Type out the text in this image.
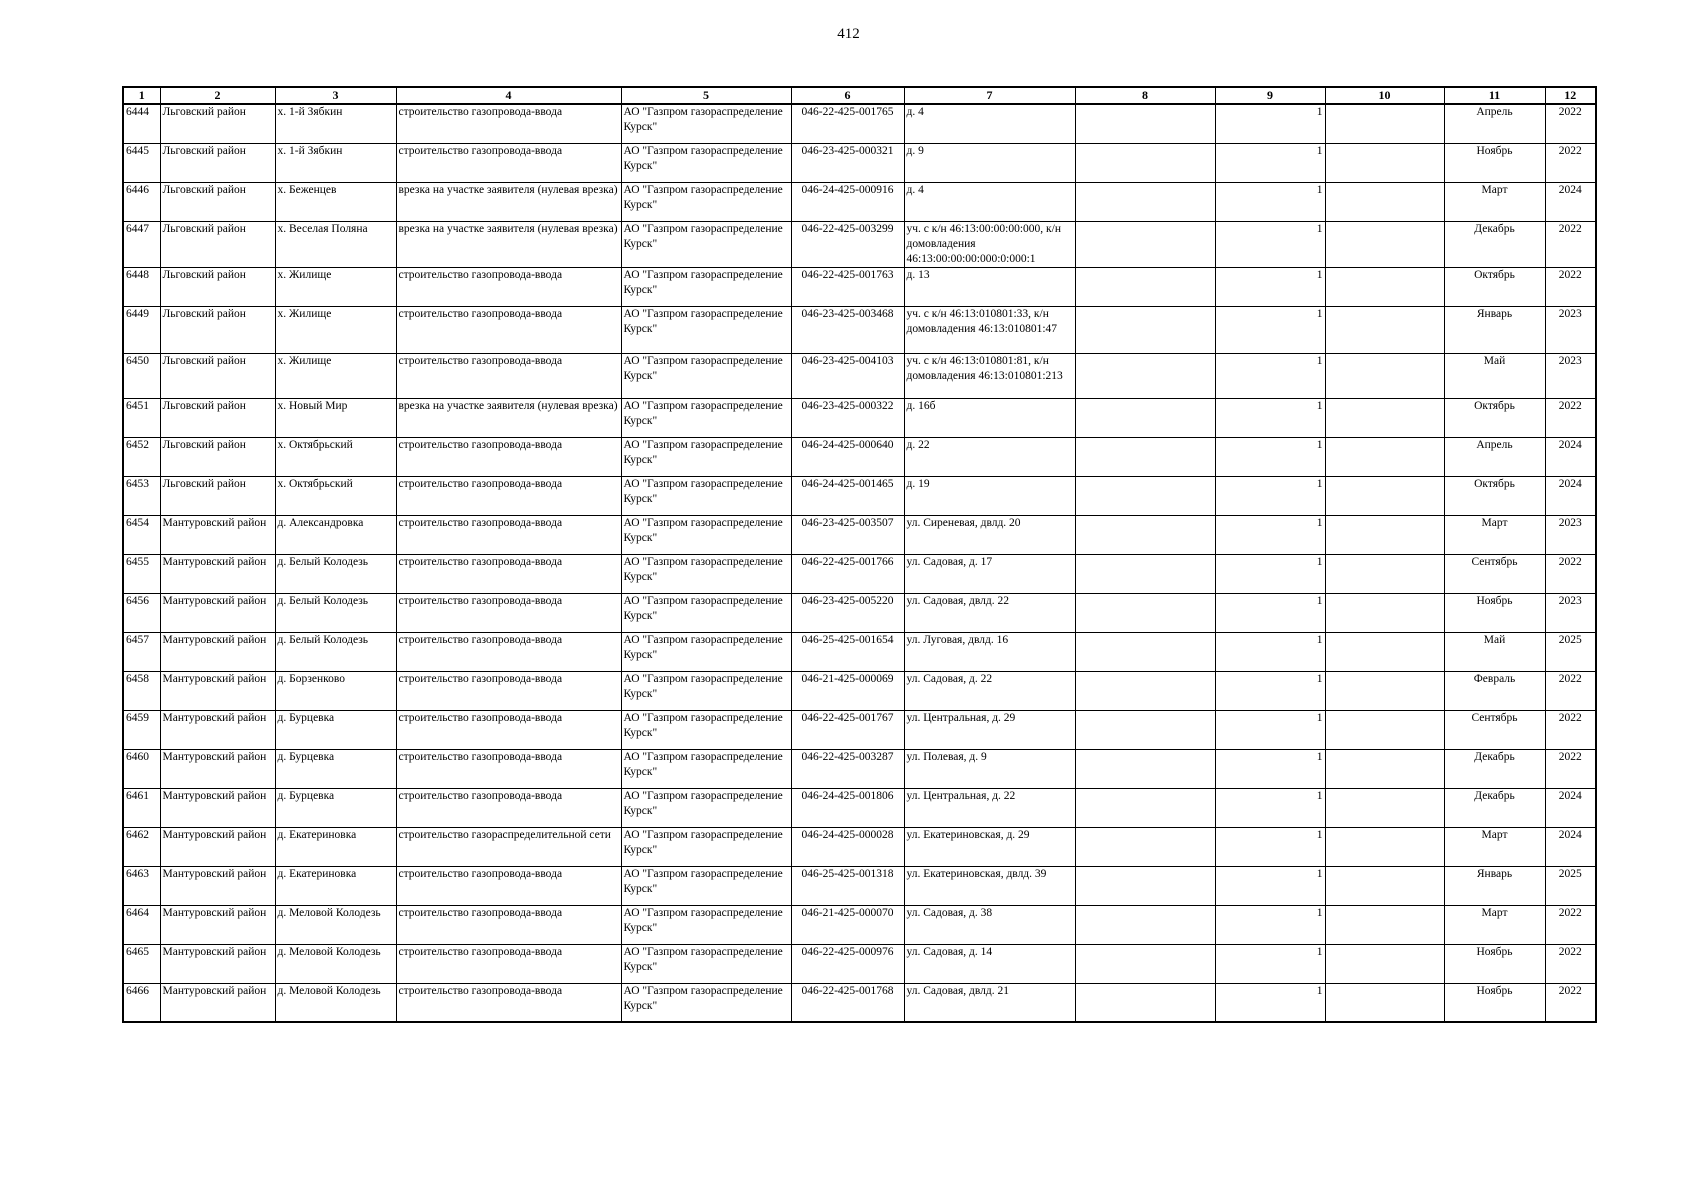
412
1	2	3	4	5	6	7	8	9	10	11	12
6444	Льговский район	х. 1-й Зябкин	строительство газопровода-ввода	АО "Газпром газораспределение Курск"	046-22-425-001765	д. 4		1		Апрель	2022
6445	Льговский район	х. 1-й Зябкин	строительство газопровода-ввода	АО "Газпром газораспределение Курск"	046-23-425-000321	д. 9		1		Ноябрь	2022
6446	Льговский район	х. Беженцев	врезка на участке заявителя (нулевая врезка)	АО "Газпром газораспределение Курск"	046-24-425-000916	д. 4		1		Март	2024
6447	Льговский район	х. Веселая Поляна	врезка на участке заявителя (нулевая врезка)	АО "Газпром газораспределение Курск"	046-22-425-003299	уч. с к/н 46:13:00:00:00:000, к/н домовладения 46:13:00:00:00:000:0:000:1		1		Декабрь	2022
6448	Льговский район	х. Жилище	строительство газопровода-ввода	АО "Газпром газораспределение Курск"	046-22-425-001763	д. 13		1		Октябрь	2022
6449	Льговский район	х. Жилище	строительство газопровода-ввода	АО "Газпром газораспределение Курск"	046-23-425-003468	уч. с к/н 46:13:010801:33, к/н домовладения 46:13:010801:47		1		Январь	2023
6450	Льговский район	х. Жилище	строительство газопровода-ввода	АО "Газпром газораспределение Курск"	046-23-425-004103	уч. с к/н 46:13:010801:81, к/н домовладения 46:13:010801:213		1		Май	2023
6451	Льговский район	х. Новый Мир	врезка на участке заявителя (нулевая врезка)	АО "Газпром газораспределение Курск"	046-23-425-000322	д. 16б		1		Октябрь	2022
6452	Льговский район	х. Октябрьский	строительство газопровода-ввода	АО "Газпром газораспределение Курск"	046-24-425-000640	д. 22		1		Апрель	2024
6453	Льговский район	х. Октябрьский	строительство газопровода-ввода	АО "Газпром газораспределение Курск"	046-24-425-001465	д. 19		1		Октябрь	2024
6454	Мантуровский район	д. Александровка	строительство газопровода-ввода	АО "Газпром газораспределение Курск"	046-23-425-003507	ул. Сиреневая, двлд. 20		1		Март	2023
6455	Мантуровский район	д. Белый Колодезь	строительство газопровода-ввода	АО "Газпром газораспределение Курск"	046-22-425-001766	ул. Садовая, д. 17		1		Сентябрь	2022
6456	Мантуровский район	д. Белый Колодезь	строительство газопровода-ввода	АО "Газпром газораспределение Курск"	046-23-425-005220	ул. Садовая, двлд. 22		1		Ноябрь	2023
6457	Мантуровский район	д. Белый Колодезь	строительство газопровода-ввода	АО "Газпром газораспределение Курск"	046-25-425-001654	ул. Луговая, двлд. 16		1		Май	2025
6458	Мантуровский район	д. Борзенково	строительство газопровода-ввода	АО "Газпром газораспределение Курск"	046-21-425-000069	ул. Садовая, д. 22		1		Февраль	2022
6459	Мантуровский район	д. Бурцевка	строительство газопровода-ввода	АО "Газпром газораспределение Курск"	046-22-425-001767	ул. Центральная, д. 29		1		Сентябрь	2022
6460	Мантуровский район	д. Бурцевка	строительство газопровода-ввода	АО "Газпром газораспределение Курск"	046-22-425-003287	ул. Полевая, д. 9		1		Декабрь	2022
6461	Мантуровский район	д. Бурцевка	строительство газопровода-ввода	АО "Газпром газораспределение Курск"	046-24-425-001806	ул. Центральная, д. 22		1		Декабрь	2024
6462	Мантуровский район	д. Екатериновка	строительство газораспределительной сети	АО "Газпром газораспределение Курск"	046-24-425-000028	ул. Екатериновская, д. 29		1		Март	2024
6463	Мантуровский район	д. Екатериновка	строительство газопровода-ввода	АО "Газпром газораспределение Курск"	046-25-425-001318	ул. Екатериновская, двлд. 39		1		Январь	2025
6464	Мантуровский район	д. Меловой Колодезь	строительство газопровода-ввода	АО "Газпром газораспределение Курск"	046-21-425-000070	ул. Садовая, д. 38		1		Март	2022
6465	Мантуровский район	д. Меловой Колодезь	строительство газопровода-ввода	АО "Газпром газораспределение Курск"	046-22-425-000976	ул. Садовая, д. 14		1		Ноябрь	2022
6466	Мантуровский район	д. Меловой Колодезь	строительство газопровода-ввода	АО "Газпром газораспределение Курск"	046-22-425-001768	ул. Садовая, двлд. 21		1		Ноябрь	2022
